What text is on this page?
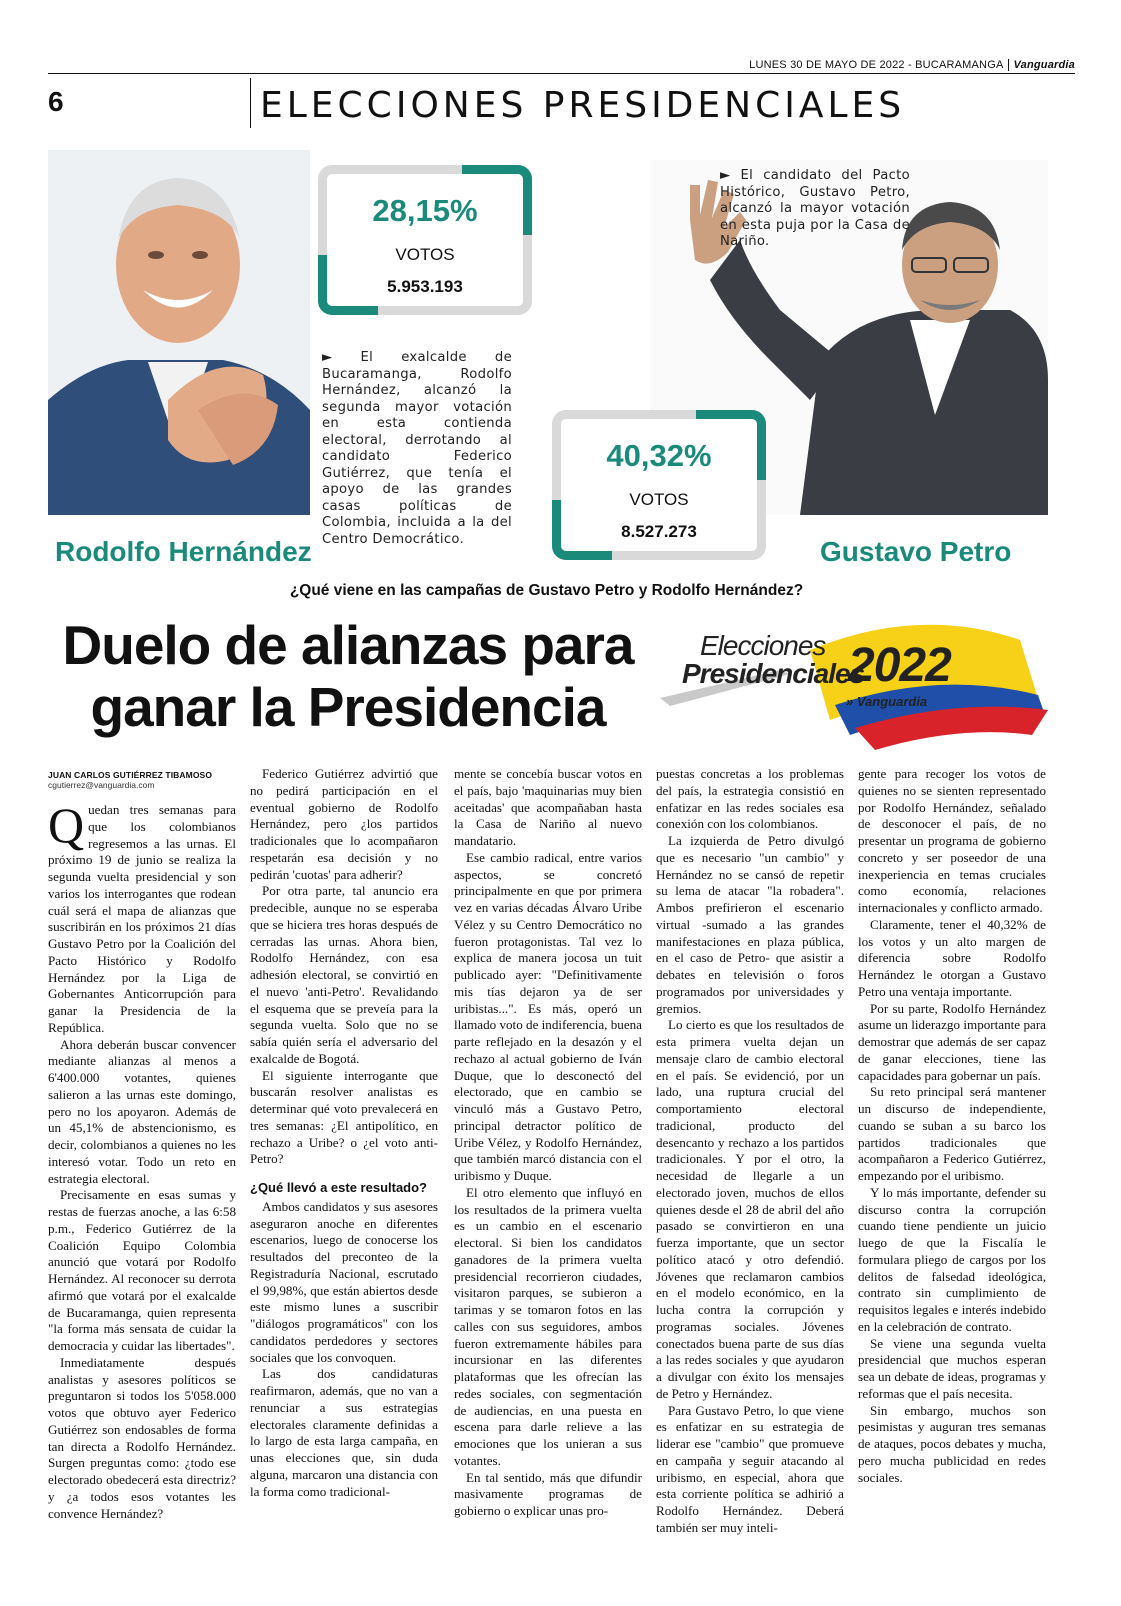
LUNES 30 DE MAYO DE 2022 - BUCARAMANGA Vanguardia
6	ELECCIONES PRESIDENCIALES
28,15%
VOTOS
5.953.193
40,32%
VOTOS
8.527.273
► El exalcalde de Bucaramanga, Rodolfo Hernández, alcanzó la segunda mayor votación en esta contienda electoral, derrotando al candidato Federico Gutiérrez, que tenía el apoyo de las grandes casas políticas de Colombia, incluida a la del Centro Democrático.
► El candidato del Pacto Histórico, Gustavo Petro, alcanzó la mayor votación en esta puja por la Casa de Nariño.
Rodolfo Hernández	Gustavo Petro
¿Qué viene en las campañas de Gustavo Petro y Rodolfo Hernández?
Duelo de alianzas para ganar la Presidencia
Elecciones
Presidenciales
2022
» Vanguardia
JUAN CARLOS GUTIÉRREZ TIBAMOSO
cgutierrez@vanguardia.com

Quedan tres semanas para que los colombianos regresemos a las urnas. El próximo 19 de junio se realiza la segunda vuelta presidencial y son varios los interrogantes que rodean cuál será el mapa de alianzas que suscribirán en los próximos 21 días Gustavo Petro por la Coalición del Pacto Histórico y Rodolfo Hernández por la Liga de Gobernantes Anticorrupción para ganar la Presidencia de la República.

Ahora deberán buscar convencer mediante alianzas al menos a 6'400.000 votantes, quienes salieron a las urnas este domingo, pero no los apoyaron. Además de un 45,1% de abstencionismo, es decir, colombianos a quienes no les interesó votar. Todo un reto en estrategia electoral.

Precisamente en esas sumas y restas de fuerzas anoche, a las 6:58 p.m., Federico Gutiérrez de la Coalición Equipo Colombia anunció que votará por Rodolfo Hernández. Al reconocer su derrota afirmó que votará por el exalcalde de Bucaramanga, quien representa "la forma más sensata de cuidar la democracia y cuidar las libertades".

Inmediatamente después analistas y asesores políticos se preguntaron si todos los 5'058.000 votos que obtuvo ayer Federico Gutiérrez son endosables de forma tan directa a Rodolfo Hernández. Surgen preguntas como: ¿todo ese electorado obedecerá esta directriz? y ¿a todos esos votantes les convence Hernández?

Federico Gutiérrez advirtió que no pedirá participación en el eventual gobierno de Rodolfo Hernández, pero ¿los partidos tradicionales que lo acompañaron respetarán esa decisión y no pedirán 'cuotas' para adherir?

Por otra parte, tal anuncio era predecible, aunque no se esperaba que se hiciera tres horas después de cerradas las urnas. Ahora bien, Rodolfo Hernández, con esa adhesión electoral, se convirtió en el nuevo 'anti-Petro'. Revalidando el esquema que se preveía para la segunda vuelta. Solo que no se sabía quién sería el adversario del exalcalde de Bogotá.

El siguiente interrogante que buscarán resolver analistas es determinar qué voto prevalecerá en tres semanas: ¿El antipolítico, en rechazo a Uribe? o ¿el voto anti-Petro?

¿Qué llevó a este resultado?

Ambos candidatos y sus asesores aseguraron anoche en diferentes escenarios, luego de conocerse los resultados del preconteo de la Registraduría Nacional, escrutado el 99,98%, que están abiertos desde este mismo lunes a suscribir "diálogos programáticos" con los candidatos perdedores y sectores sociales que los convoquen.

Las dos candidaturas reafirmaron, además, que no van a renunciar a sus estrategias electorales claramente definidas a lo largo de esta larga campaña, en unas elecciones que, sin duda alguna, marcaron una distancia con la forma como tradicional-

mente se concebía buscar votos en el país, bajo 'maquinarias muy bien aceitadas' que acompañaban hasta la Casa de Nariño al nuevo mandatario.

Ese cambio radical, entre varios aspectos, se concretó principalmente en que por primera vez en varias décadas Álvaro Uribe Vélez y su Centro Democrático no fueron protagonistas. Tal vez lo explica de manera jocosa un tuit publicado ayer: "Definitivamente mis tías dejaron ya de ser uribistas...". Es más, operó un llamado voto de indiferencia, buena parte reflejado en la desazón y el rechazo al actual gobierno de Iván Duque, que lo desconectó del electorado, que en cambio se vinculó más a Gustavo Petro, principal detractor político de Uribe Vélez, y Rodolfo Hernández, que también marcó distancia con el uribismo y Duque.

El otro elemento que influyó en los resultados de la primera vuelta es un cambio en el escenario electoral. Si bien los candidatos ganadores de la primera vuelta presidencial recorrieron ciudades, visitaron parques, se subieron a tarimas y se tomaron fotos en las calles con sus seguidores, ambos fueron extremamente hábiles para incursionar en las diferentes plataformas que les ofrecían las redes sociales, con segmentación de audiencias, en una puesta en escena para darle relieve a las emociones que los unieran a sus votantes.

En tal sentido, más que difundir masivamente programas de gobierno o explicar unas pro-

puestas concretas a los problemas del país, la estrategia consistió en enfatizar en las redes sociales esa conexión con los colombianos.

La izquierda de Petro divulgó que es necesario "un cambio" y Hernández no se cansó de repetir su lema de atacar "la robadera". Ambos prefirieron el escenario virtual -sumado a las grandes manifestaciones en plaza pública, en el caso de Petro- que asistir a debates en televisión o foros programados por universidades y gremios.

Lo cierto es que los resultados de esta primera vuelta dejan un mensaje claro de cambio electoral en el país. Se evidenció, por un lado, una ruptura crucial del comportamiento electoral tradicional, producto del desencanto y rechazo a los partidos tradicionales. Y por el otro, la necesidad de llegarle a un electorado joven, muchos de ellos quienes desde el 28 de abril del año pasado se convirtieron en una fuerza importante, que un sector político atacó y otro defendió. Jóvenes que reclamaron cambios en el modelo económico, en la lucha contra la corrupción y programas sociales. Jóvenes conectados buena parte de sus días a las redes sociales y que ayudaron a divulgar con éxito los mensajes de Petro y Hernández.

Para Gustavo Petro, lo que viene es enfatizar en su estrategia de liderar ese "cambio" que promueve en campaña y seguir atacando al uribismo, en especial, ahora que esta corriente política se adhirió a Rodolfo Hernández. Deberá también ser muy inteli-

gente para recoger los votos de quienes no se sienten representado por Rodolfo Hernández, señalado de desconocer el país, de no presentar un programa de gobierno concreto y ser poseedor de una inexperiencia en temas cruciales como economía, relaciones internacionales y conflicto armado.

Claramente, tener el 40,32% de los votos y un alto margen de diferencia sobre Rodolfo Hernández le otorgan a Gustavo Petro una ventaja importante.

Por su parte, Rodolfo Hernández asume un liderazgo importante para demostrar que además de ser capaz de ganar elecciones, tiene las capacidades para gobernar un país.

Su reto principal será mantener un discurso de independiente, cuando se suban a su barco los partidos tradicionales que acompañaron a Federico Gutiérrez, empezando por el uribismo.

Y lo más importante, defender su discurso contra la corrupción cuando tiene pendiente un juicio luego de que la Fiscalía le formulara pliego de cargos por los delitos de falsedad ideológica, contrato sin cumplimiento de requisitos legales e interés indebido en la celebración de contrato.

Se viene una segunda vuelta presidencial que muchos esperan sea un debate de ideas, programas y reformas que el país necesita.

Sin embargo, muchos son pesimistas y auguran tres semanas de ataques, pocos debates y mucha, pero mucha publicidad en redes sociales.
